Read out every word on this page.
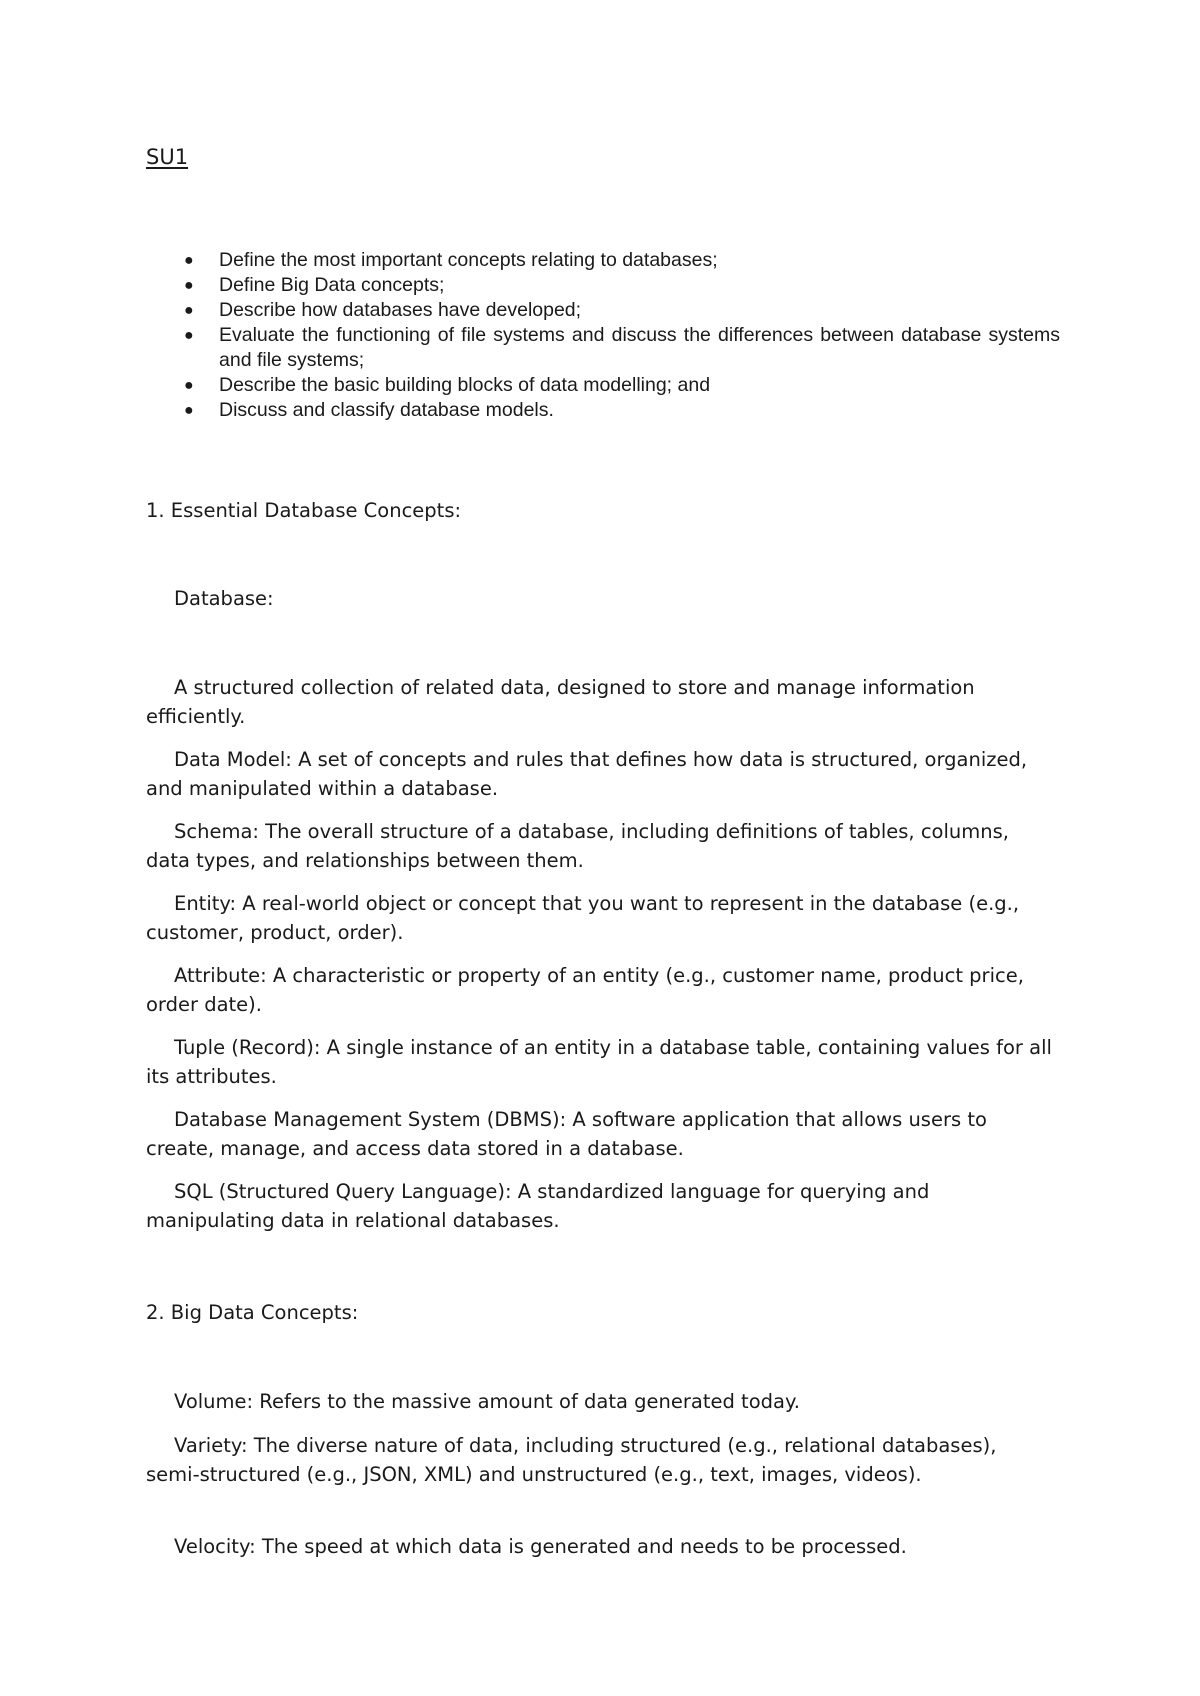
SU1
● Define the most important concepts relating to databases;
● Define Big Data concepts;
● Describe how databases have developed;
● Evaluate the functioning of file systems and discuss the differences between database systems and file systems;
● Describe the basic building blocks of data modelling; and
● Discuss and classify database models.
1. Essential Database Concepts:

Database:

A structured collection of related data, designed to store and manage information efficiently.

Data Model: A set of concepts and rules that defines how data is structured, organized, and manipulated within a database.

Schema: The overall structure of a database, including definitions of tables, columns, data types, and relationships between them.

Entity: A real-world object or concept that you want to represent in the database (e.g., customer, product, order).

Attribute: A characteristic or property of an entity (e.g., customer name, product price, order date).

Tuple (Record): A single instance of an entity in a database table, containing values for all its attributes.

Database Management System (DBMS): A software application that allows users to create, manage, and access data stored in a database.

SQL (Structured Query Language): A standardized language for querying and manipulating data in relational databases.

2. Big Data Concepts:

Volume: Refers to the massive amount of data generated today.

Variety: The diverse nature of data, including structured (e.g., relational databases), semi-structured (e.g., JSON, XML) and unstructured (e.g., text, images, videos).

Velocity: The speed at which data is generated and needs to be processed.
